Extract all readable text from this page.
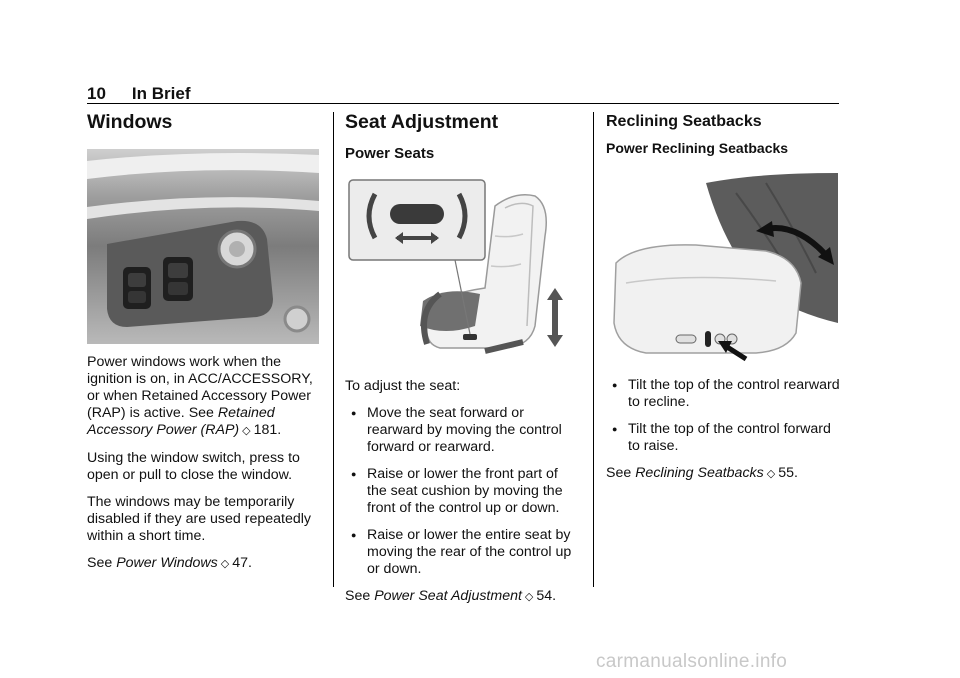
10 In Brief
Windows

Power windows work when the ignition is on, in ACC/ACCESSORY, or when Retained Accessory Power (RAP) is active. See Retained Accessory Power (RAP) ◇ 181.

Using the window switch, press to open or pull to close the window.

The windows may be temporarily disabled if they are used repeatedly within a short time.

See Power Windows ◇ 47.

Seat Adjustment
Power Seats

To adjust the seat:

● Move the seat forward or rearward by moving the control forward or rearward.
● Raise or lower the front part of the seat cushion by moving the front of the control up or down.
● Raise or lower the entire seat by moving the rear of the control up or down.

See Power Seat Adjustment ◇ 54.

Reclining Seatbacks
Power Reclining Seatbacks
● Tilt the top of the control rearward to recline.
● Tilt the top of the control forward to raise.

See Reclining Seatbacks ◇ 55.

carmanualsonline.info
